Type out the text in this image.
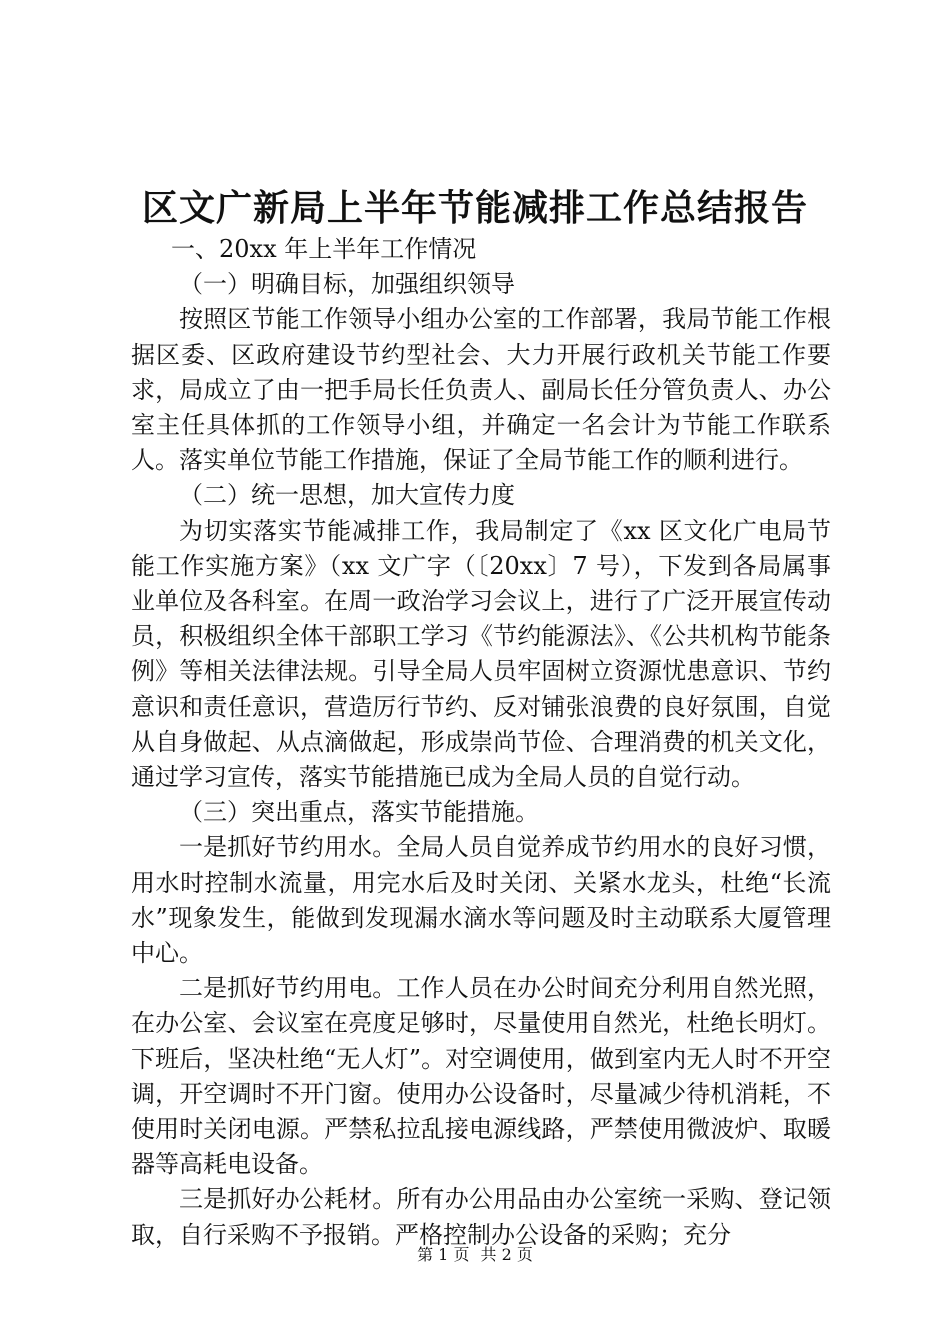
区文广新局上半年节能减排工作总结报告

一、20xx 年上半年工作情况

（一）明确目标，加强组织领导

按照区节能工作领导小组办公室的工作部署，我局节能工作根据区委、区政府建设节约型社会、大力开展行政机关节能工作要求，局成立了由一把手局长任负责人、副局长任分管负责人、办公室主任具体抓的工作领导小组，并确定一名会计为节能工作联系人。落实单位节能工作措施，保证了全局节能工作的顺利进行。

（二）统一思想，加大宣传力度

为切实落实节能减排工作，我局制定了《xx 区文化广电局节能工作实施方案》（xx 文广字（〔20xx〕7 号），下发到各局属事业单位及各科室。在周一政治学习会议上，进行了广泛开展宣传动员，积极组织全体干部职工学习《节约能源法》、《公共机构节能条例》等相关法律法规。引导全局人员牢固树立资源忧患意识、节约意识和责任意识，营造厉行节约、反对铺张浪费的良好氛围，自觉从自身做起、从点滴做起，形成崇尚节俭、合理消费的机关文化，通过学习宣传，落实节能措施已成为全局人员的自觉行动。

（三）突出重点，落实节能措施。

一是抓好节约用水。全局人员自觉养成节约用水的良好习惯，用水时控制水流量，用完水后及时关闭、关紧水龙头，杜绝“长流水”现象发生，能做到发现漏水滴水等问题及时主动联系大厦管理中心。

二是抓好节约用电。工作人员在办公时间充分利用自然光照，在办公室、会议室在亮度足够时，尽量使用自然光，杜绝长明灯。下班后，坚决杜绝“无人灯”。对空调使用，做到室内无人时不开空调，开空调时不开门窗。使用办公设备时，尽量减少待机消耗，不使用时关闭电源。严禁私拉乱接电源线路，严禁使用微波炉、取暖器等高耗电设备。

三是抓好办公耗材。所有办公用品由办公室统一采购、登记领取，自行采购不予报销。严格控制办公设备的采购；充分

第 1 页 共 2 页
